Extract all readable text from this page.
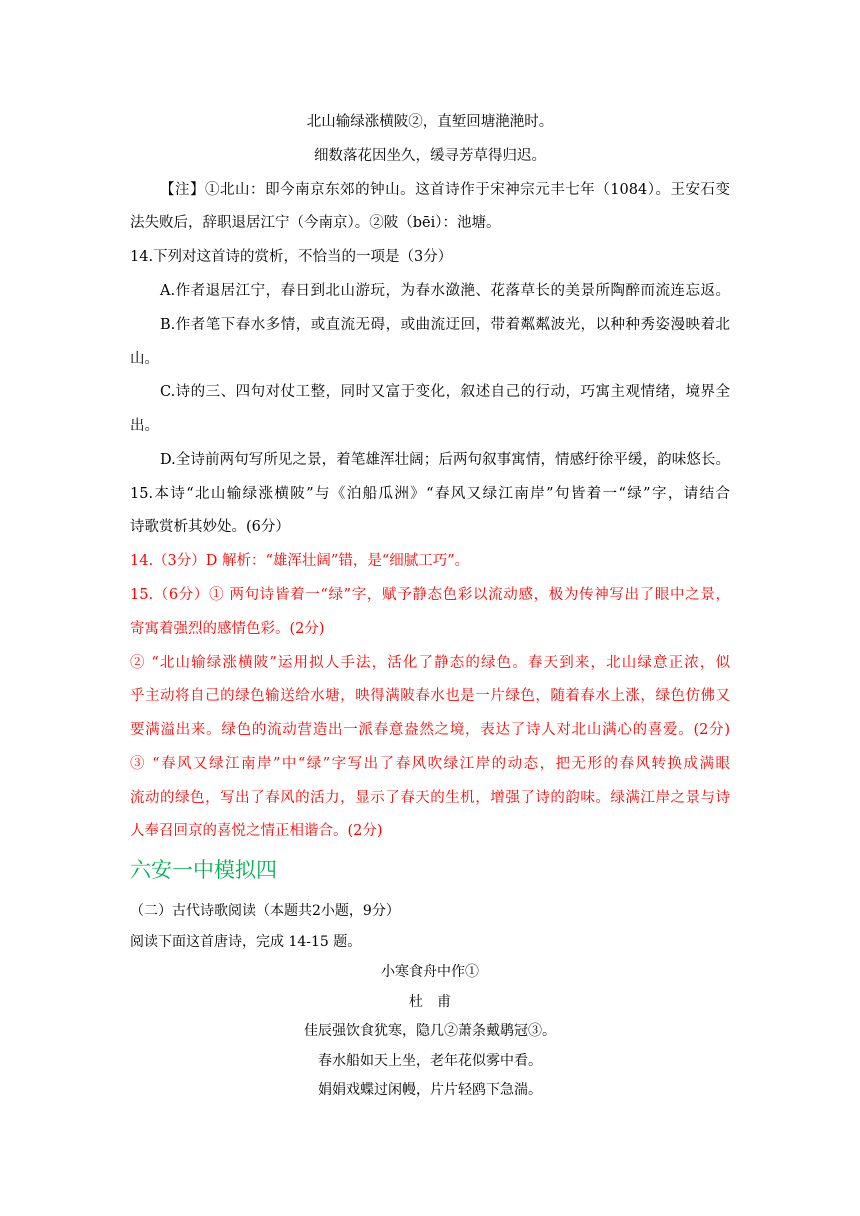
北山输绿涨横陂②，直堑回塘滟滟时。
细数落花因坐久，缓寻芳草得归迟。
【注】①北山：即今南京东郊的钟山。这首诗作于宋神宗元丰七年（1084）。王安石变
法失败后，辞职退居江宁（今南京）。②陂（bēi）：池塘。
14.下列对这首诗的赏析，不恰当的一项是（3分）
A.作者退居江宁，春日到北山游玩，为春水潋滟、花落草长的美景所陶醉而流连忘返。
B.作者笔下春水多情，或直流无碍，或曲流迂回，带着粼粼波光，以种种秀姿漫映着北
山。
C.诗的三、四句对仗工整，同时又富于变化，叙述自己的行动，巧寓主观情绪，境界全
出。
D.全诗前两句写所见之景，着笔雄浑壮阔；后两句叙事寓情，情感纡徐平缓，韵味悠长。
15.本诗“北山输绿涨横陂”与《泊船瓜洲》“春风又绿江南岸”句皆着一“绿”字，请结合
诗歌赏析其妙处。(6分）
14.（3分）D 解析：“雄浑壮阔”错，是“细腻工巧”。
15.（6分）① 两句诗皆着一“绿”字，赋予静态色彩以流动感，极为传神写出了眼中之景，
寄寓着强烈的感情色彩。(2分)
② “北山输绿涨横陂”运用拟人手法，活化了静态的绿色。春天到来，北山绿意正浓，似
乎主动将自己的绿色输送给水塘，映得满陂春水也是一片绿色，随着春水上涨，绿色仿佛又
要满溢出来。绿色的流动营造出一派春意盎然之境，表达了诗人对北山满心的喜爱。(2分)
③ “春风又绿江南岸”中“绿”字写出了春风吹绿江岸的动态，把无形的春风转换成满眼
流动的绿色，写出了春风的活力，显示了春天的生机，增强了诗的韵味。绿满江岸之景与诗
人奉召回京的喜悦之情正相谐合。(2分)
六安一中模拟四
（二）古代诗歌阅读（本题共2小题，9分）
阅读下面这首唐诗，完成 14-15 题。
小寒食舟中作①
杜　甫
佳辰强饮食犹寒，隐几②萧条戴鹖冠③。
春水船如天上坐，老年花似雾中看。
娟娟戏蝶过闲幔，片片轻鸥下急湍。
